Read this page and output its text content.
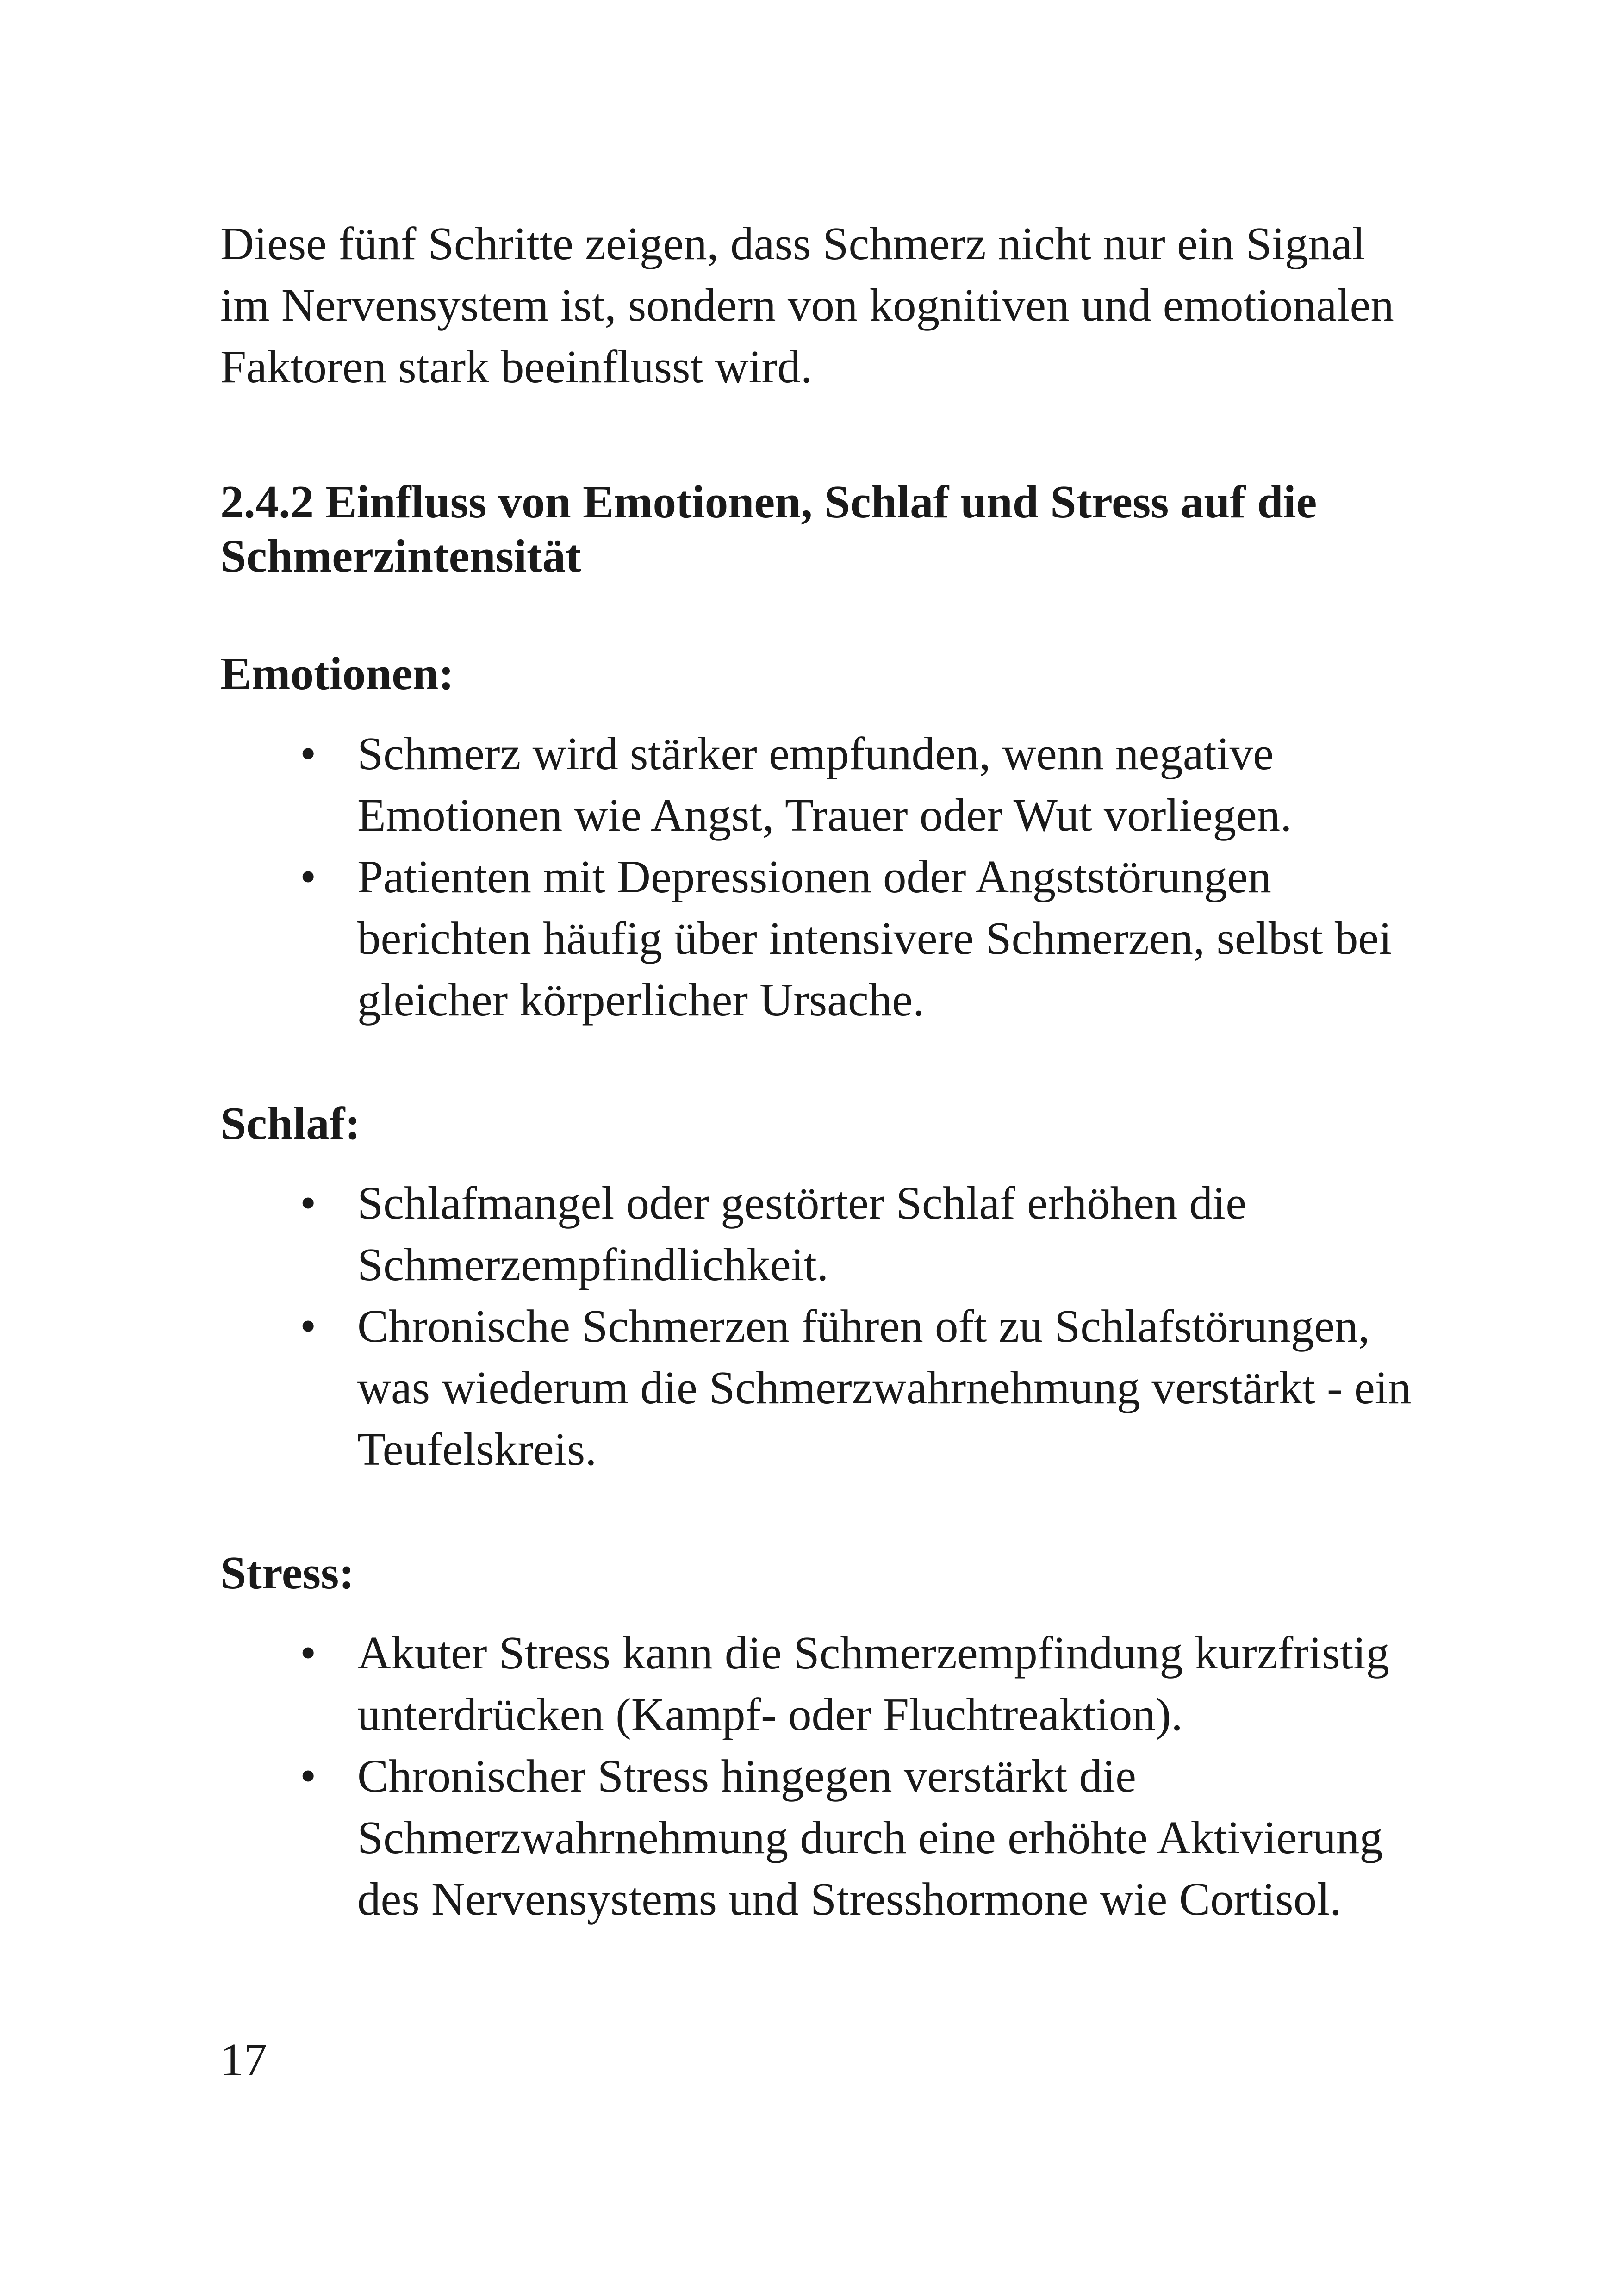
Diese fünf Schritte zeigen, dass Schmerz nicht nur ein Signal im Nervensystem ist, sondern von kognitiven und emotionalen Faktoren stark beeinflusst wird.

2.4.2 Einfluss von Emotionen, Schlaf und Stress auf die Schmerzintensität
Emotionen:
• Schmerz wird stärker empfunden, wenn negative Emotionen wie Angst, Trauer oder Wut vorliegen.
• Patienten mit Depressionen oder Angststörungen berichten häufig über intensivere Schmerzen, selbst bei gleicher körperlicher Ursache.
Schlaf:
• Schlafmangel oder gestörter Schlaf erhöhen die Schmerzempfindlichkeit.
• Chronische Schmerzen führen oft zu Schlafstörungen, was wiederum die Schmerzwahrnehmung verstärkt - ein Teufelskreis.
Stress:
• Akuter Stress kann die Schmerzempfindung kurzfristig unterdrücken (Kampf- oder Fluchtreaktion).
• Chronischer Stress hingegen verstärkt die Schmerzwahrnehmung durch eine erhöhte Aktivierung des Nervensystems und Stresshormone wie Cortisol.

17
